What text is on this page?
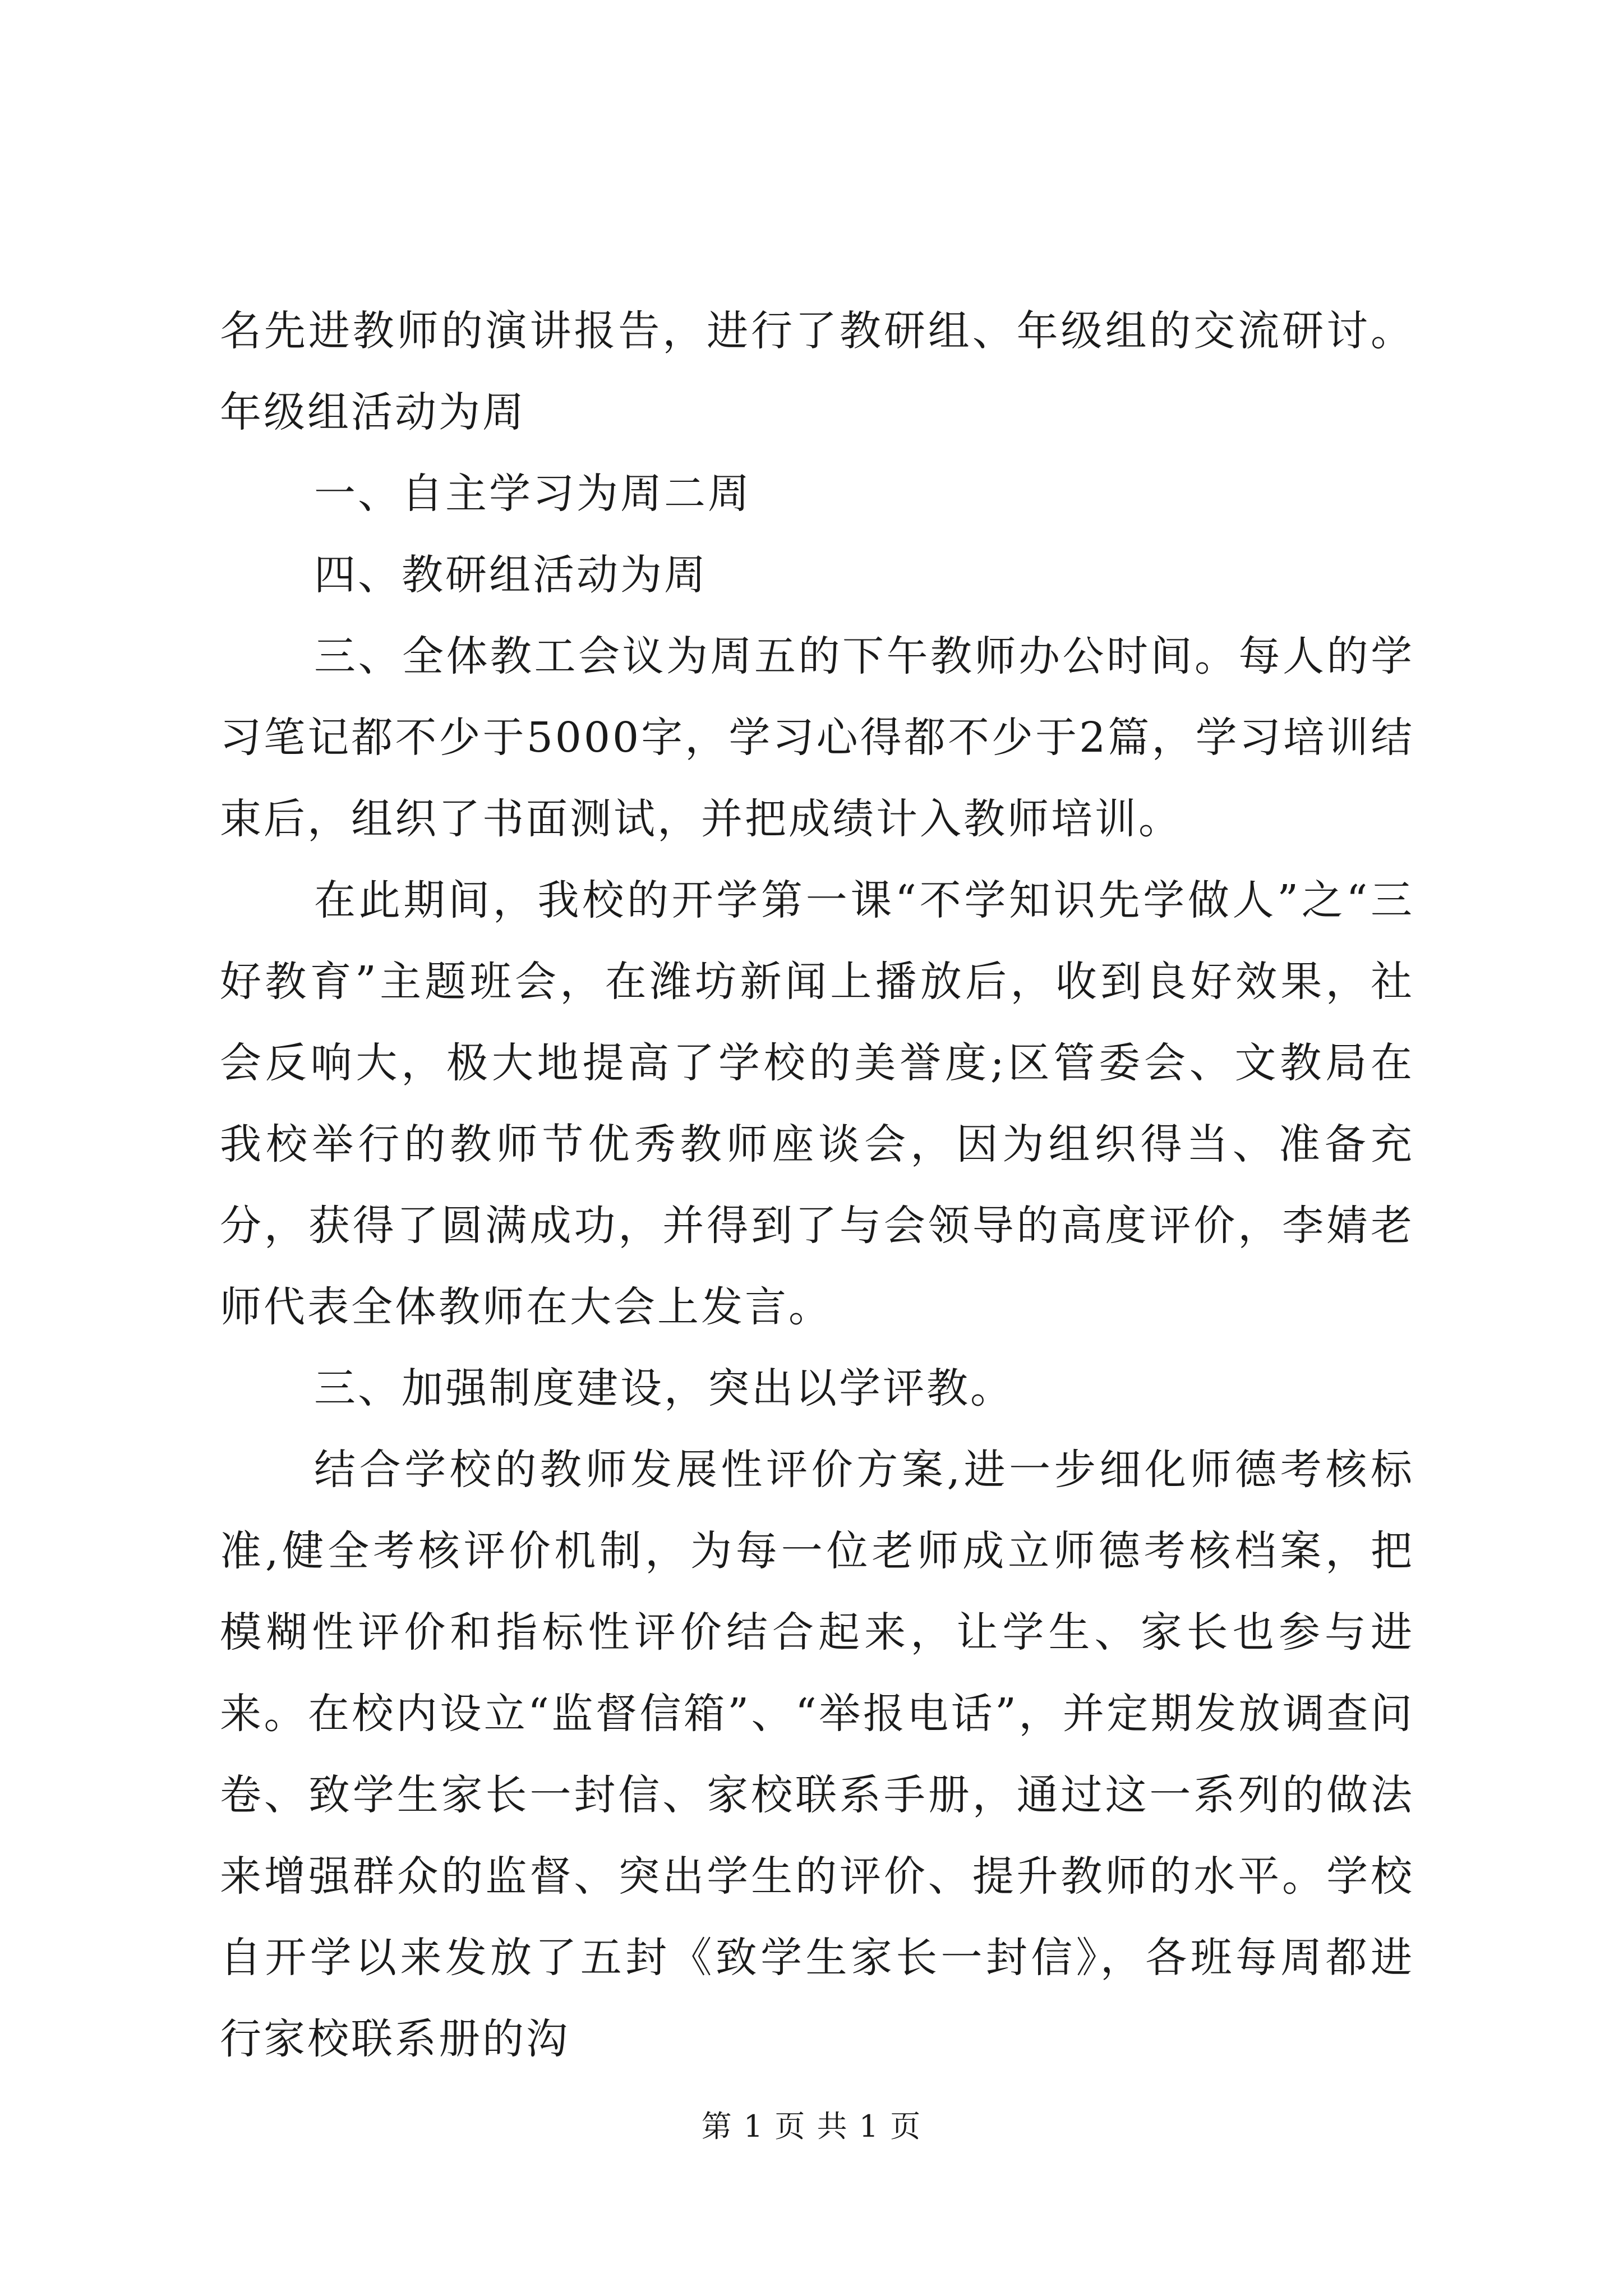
名先进教师的演讲报告，进行了教研组、年级组的交流研讨。年级组活动为周

一、自主学习为周二周

四、教研组活动为周

三、全体教工会议为周五的下午教师办公时间。每人的学习笔记都不少于5000字，学习心得都不少于2篇，学习培训结束后，组织了书面测试，并把成绩计入教师培训。

在此期间，我校的开学第一课“不学知识先学做人”之“三好教育”主题班会，在潍坊新闻上播放后，收到良好效果，社会反响大，极大地提高了学校的美誉度;区管委会、文教局在我校举行的教师节优秀教师座谈会，因为组织得当、准备充分，获得了圆满成功，并得到了与会领导的高度评价，李婧老师代表全体教师在大会上发言。

三、加强制度建设，突出以学评教。

结合学校的教师发展性评价方案,进一步细化师德考核标准,健全考核评价机制，为每一位老师成立师德考核档案，把模糊性评价和指标性评价结合起来，让学生、家长也参与进来。在校内设立“监督信箱”、“举报电话”，并定期发放调查问卷、致学生家长一封信、家校联系手册，通过这一系列的做法来增强群众的监督、突出学生的评价、提升教师的水平。学校自开学以来发放了五封《致学生家长一封信》，各班每周都进行家校联系册的沟

第 1 页 共 1 页
